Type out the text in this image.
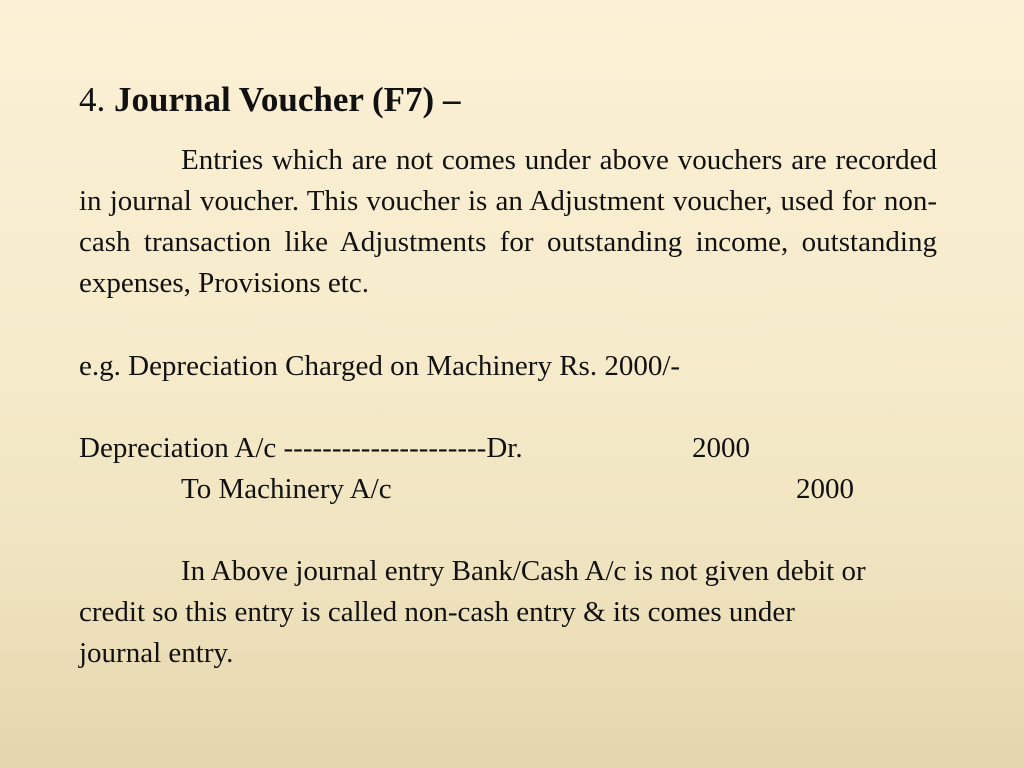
4. Journal Voucher (F7) –

Entries which are not comes under above vouchers are recorded in journal voucher. This voucher is an Adjustment voucher, used for non-cash transaction like Adjustments for outstanding income, outstanding expenses, Provisions etc.

e.g. Depreciation Charged on Machinery Rs. 2000/-
Depreciation A/c ---------------------Dr.	2000
To Machinery A/c	2000

In Above journal entry Bank/Cash A/c is not given debit or credit so this entry is called non-cash entry & its comes under journal entry.
